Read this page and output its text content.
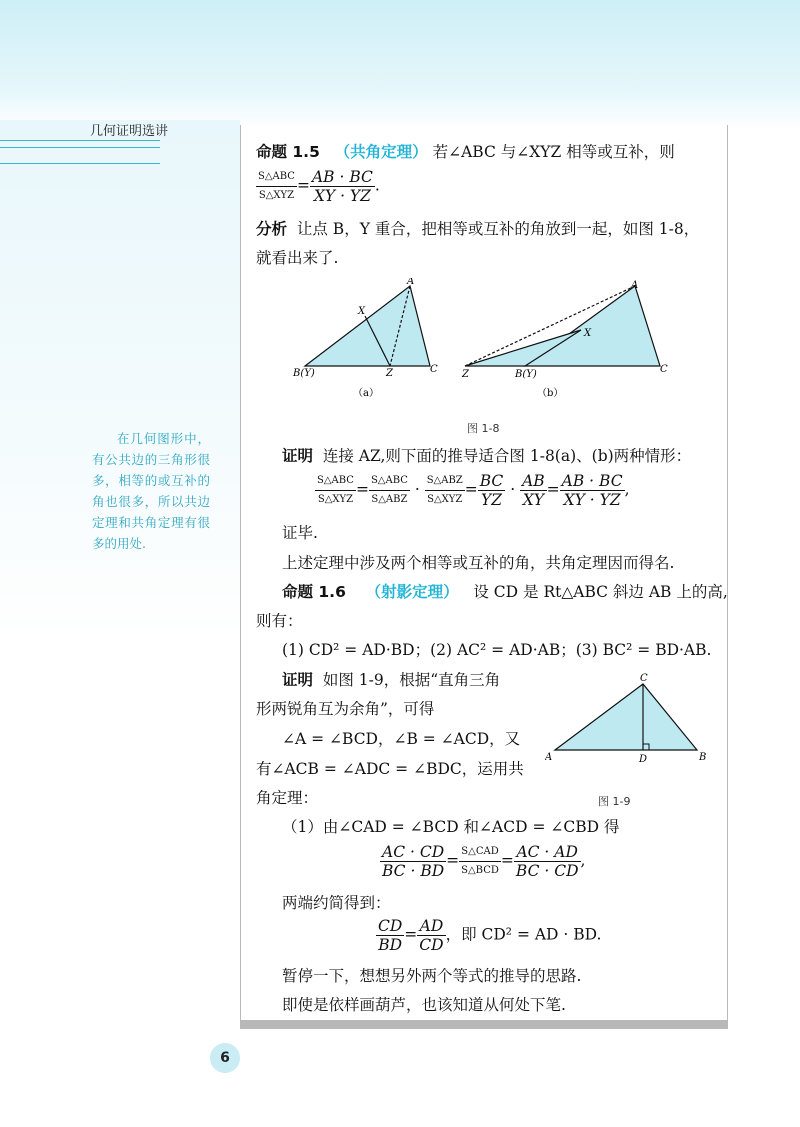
几何证明选讲
在几何图形中，有公共边的三角形很多，相等的或互补的角也很多，所以共边定理和共角定理有很多的用处.
命题 1.5 （共角定理） 若∠ABC 与∠XYZ 相等或互补，则
$\frac{\text{S△ABC}}{\text{S△XYZ}} = \frac{AB \cdot BC}{XY \cdot YZ}$ .
分析 让点 B，Y 重合，把相等或互补的角放到一起，如图 1-8，
就看出来了.
A
X
B(Y)	Z	C
A
X
Z	B(Y)	C
（a）	（b）
图 1-8
证明 连接 AZ,则下面的推导适合图 1-8(a)、(b)两种情形：
$\frac{\text{S△ABC}}{\text{S△XYZ}} = \frac{\text{S△ABC}}{\text{S△ABZ}} \cdot \frac{\text{S△ABZ}}{\text{S△XYZ}} = \frac{BC}{YZ} \cdot \frac{AB}{XY} = \frac{AB \cdot BC}{XY \cdot YZ}$ ,
证毕.
上述定理中涉及两个相等或互补的角，共角定理因而得名.
命题 1.6 （射影定理） 设 CD 是 Rt△ABC 斜边 AB 上的高,
则有：
(1) CD² = AD·BD；(2) AC² = AD·AB；(3) BC² = BD·AB.
证明 如图 1-9，根据“直角三角
形两锐角互为余角”，可得
∠A = ∠BCD，∠B = ∠ACD，又
有∠ACB = ∠ADC = ∠BDC，运用共
角定理：
C
A	D	B
图 1-9
（1）由∠CAD = ∠BCD 和∠ACD = ∠CBD 得
$\frac{AC \cdot CD}{BC \cdot BD} = \frac{\text{S△CAD}}{\text{S△BCD}} = \frac{AC \cdot AD}{BC \cdot CD}$ ,
两端约简得到：
$\frac{CD}{BD} = \frac{AD}{CD}$ ，即 CD² = AD · BD.
暂停一下，想想另外两个等式的推导的思路.
即使是依样画葫芦，也该知道从何处下笔.
6
